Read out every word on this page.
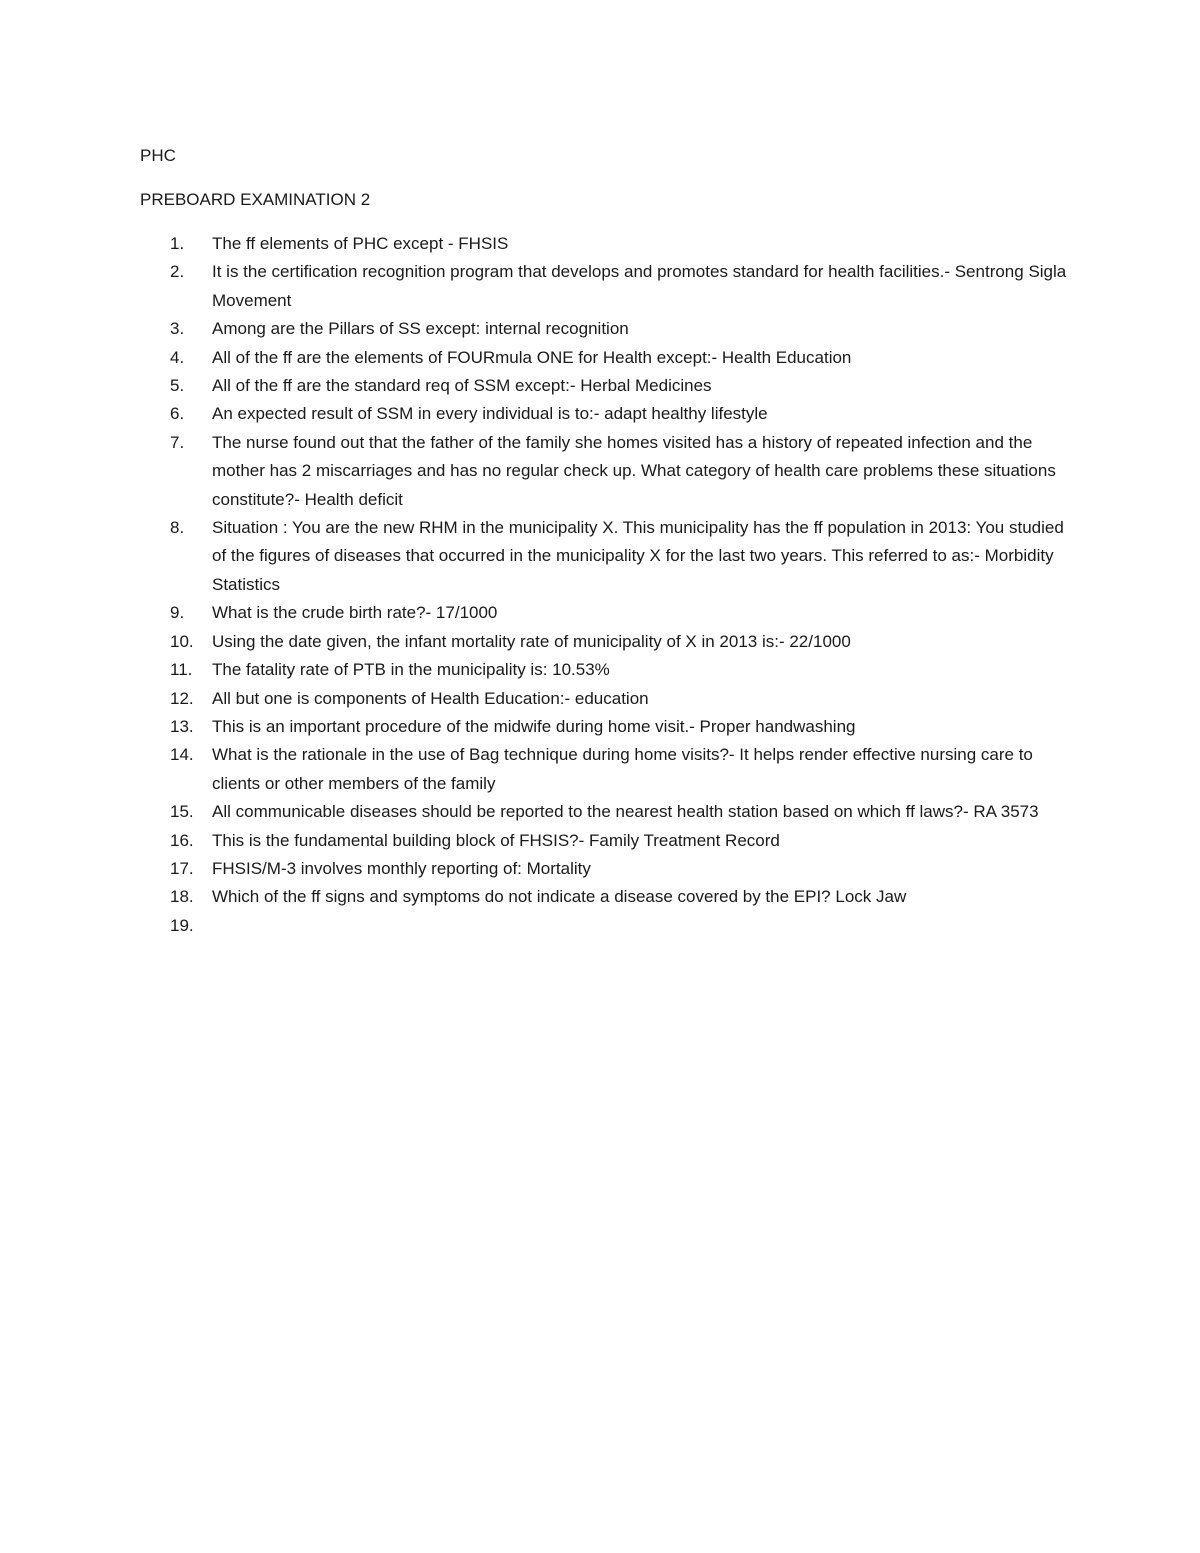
PHC

PREBOARD EXAMINATION 2

1.	The ff elements of PHC except - FHSIS
2.	It is the certification recognition program that develops and promotes standard for health facilities.- Sentrong Sigla Movement
3.	Among are the Pillars of SS except: internal recognition
4.	All of the ff are the elements of FOURmula ONE for Health except:- Health Education
5.	All of the ff are the standard req of SSM except:- Herbal Medicines
6.	An expected result of SSM in every individual is to:- adapt healthy lifestyle
7.	The nurse found out that the father of the family she homes visited has a history of repeated infection and the mother has 2 miscarriages and has no regular check up. What category of health care problems these situations constitute?- Health deficit
8.	Situation : You are the new RHM in the municipality X. This municipality has the ff population in 2013: You studied of the figures of diseases that occurred in the municipality X for the last two years. This referred to as:- Morbidity Statistics
9.	What is the crude birth rate?- 17/1000
10.	Using the date given, the infant mortality rate of municipality of X in 2013 is:- 22/1000
11.	The fatality rate of PTB in the municipality is: 10.53%
12.	All but one is components of Health Education:- education
13.	This is an important procedure of the midwife during home visit.- Proper handwashing
14.	What is the rationale in the use of Bag technique during home visits?- It helps render effective nursing care to clients or other members of the family
15.	All communicable diseases should be reported to the nearest health station based on which ff laws?- RA 3573
16.	This is the fundamental building block of FHSIS?- Family Treatment Record
17.	FHSIS/M-3 involves monthly reporting of: Mortality
18.	Which of the ff signs and symptoms do not indicate a disease covered by the EPI? Lock Jaw
19.
